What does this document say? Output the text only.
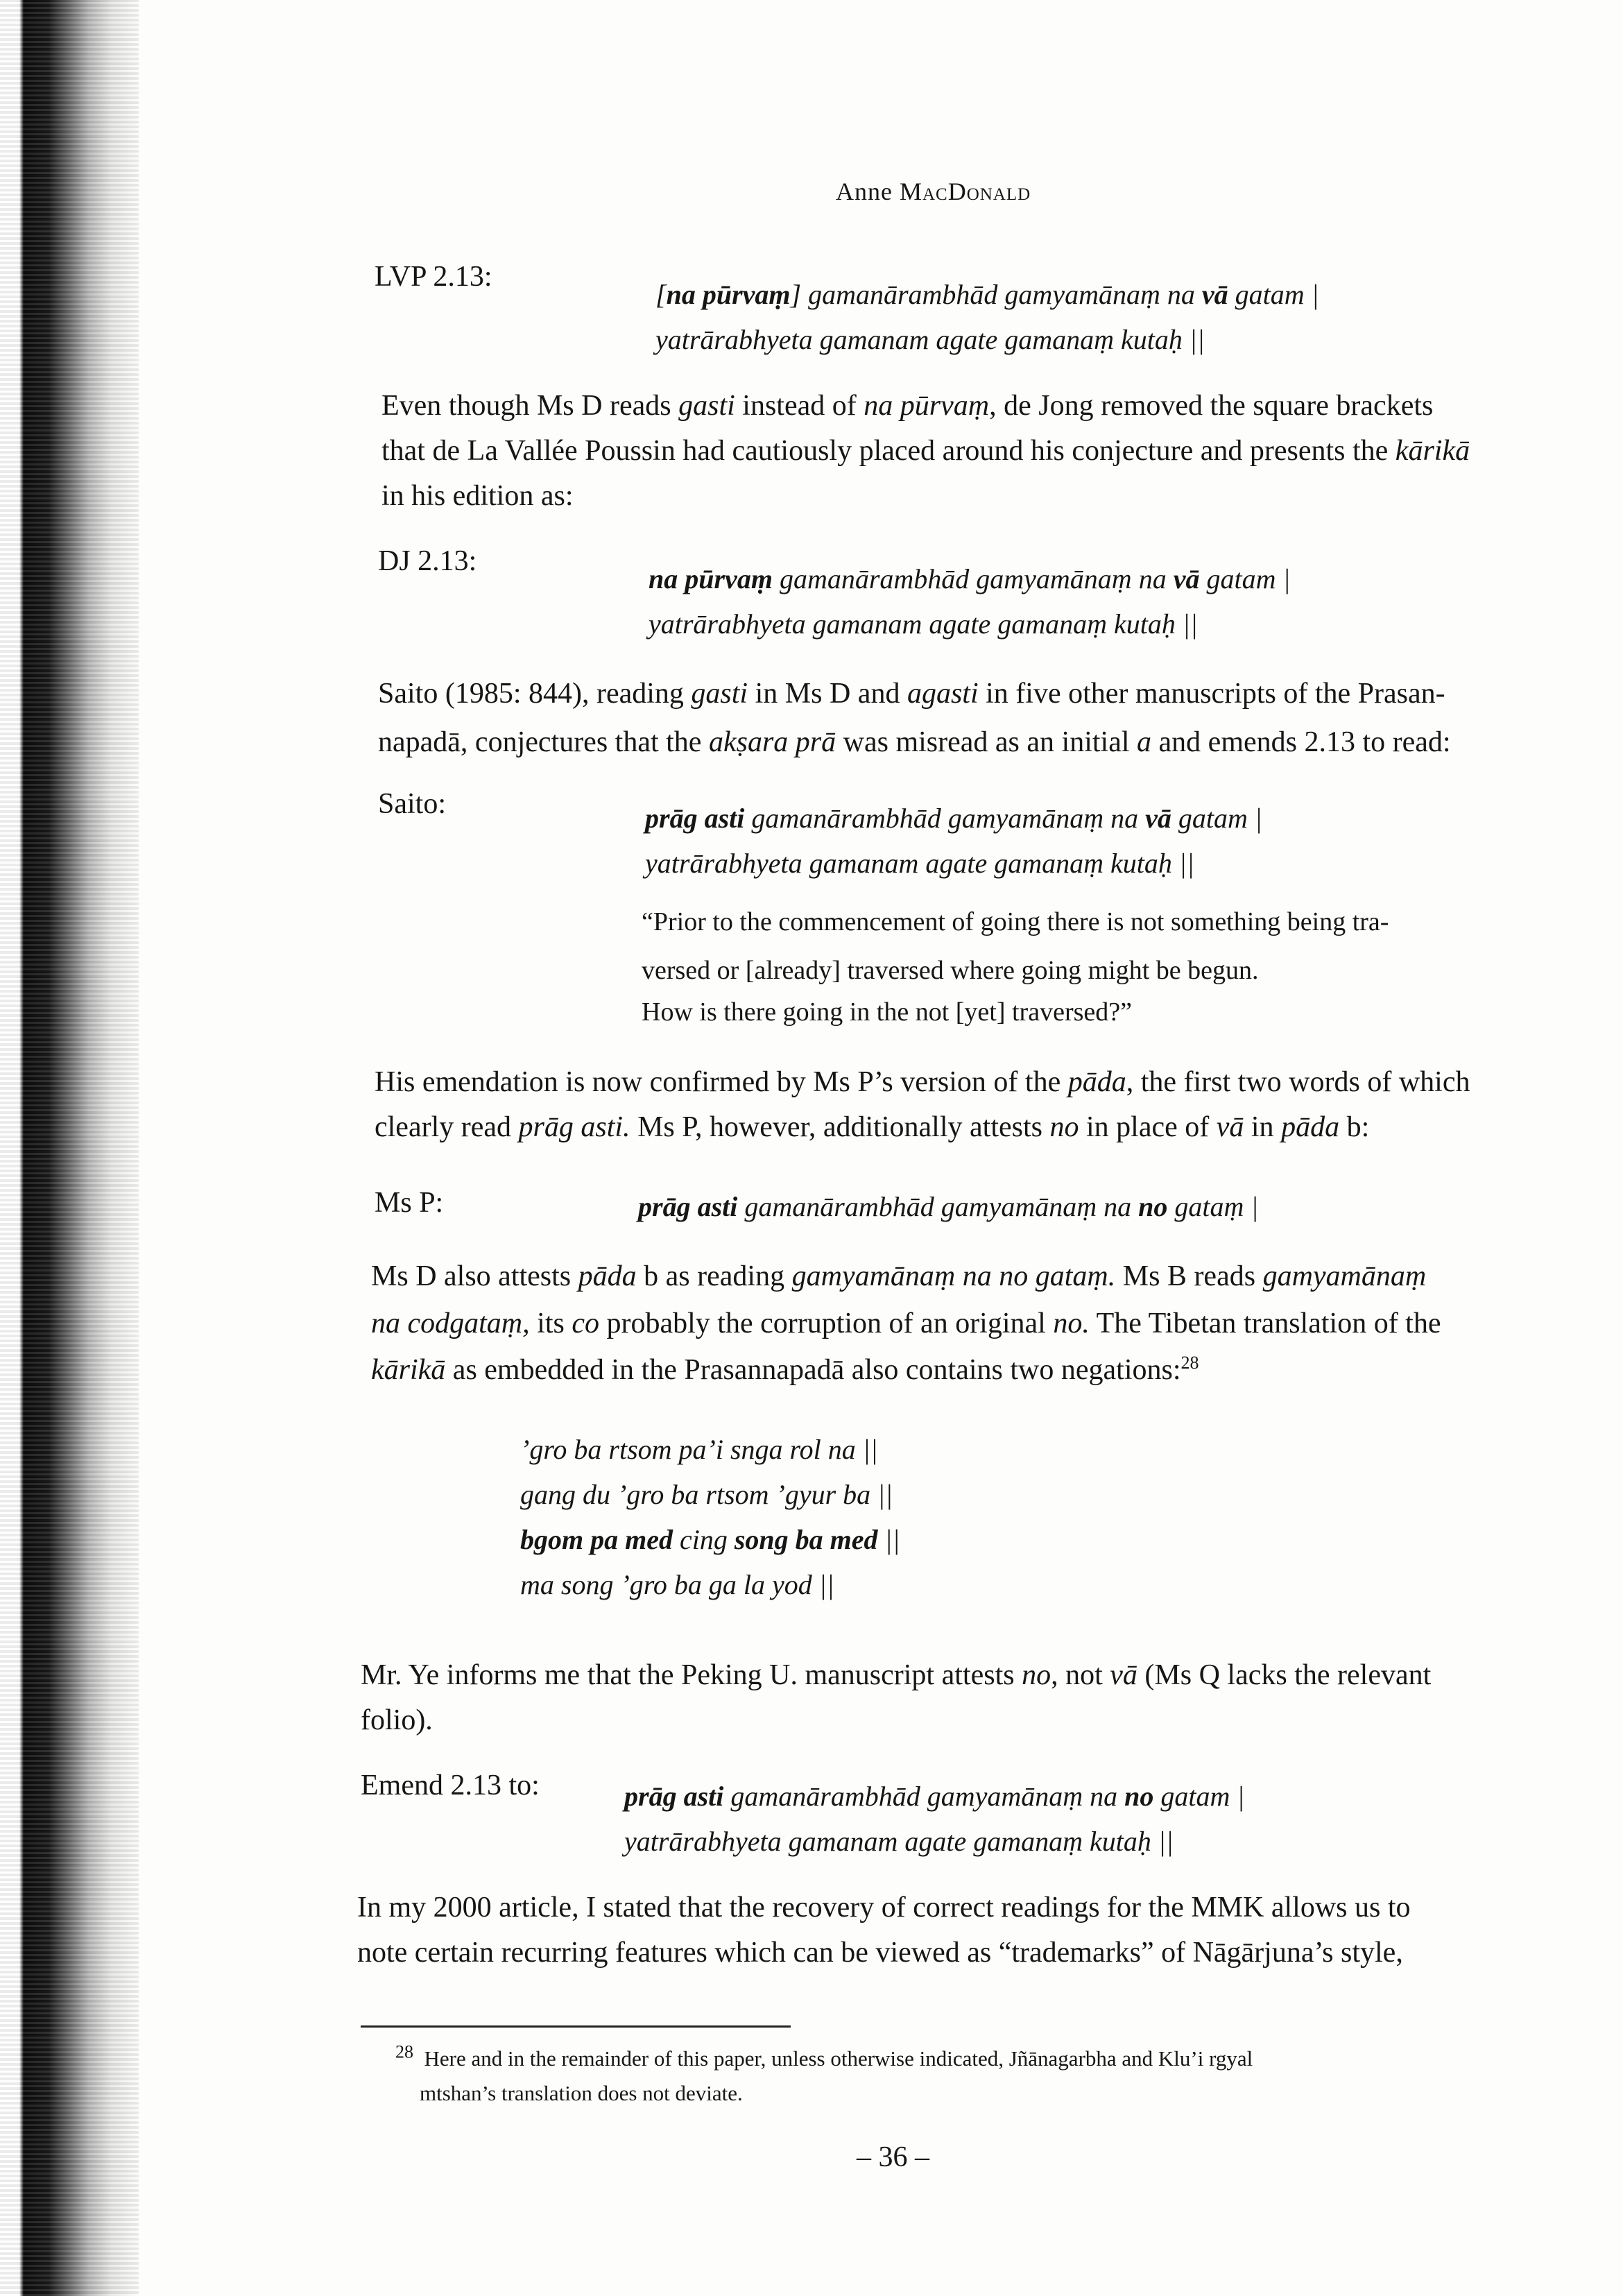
Anne MacDonald
LVP 2.13:
[na pūrvaṃ] gamanārambhād gamyamānaṃ na vā gatam |
yatrārabhyeta gamanam agate gamanaṃ kutaḥ ||
Even though Ms D reads gasti instead of na pūrvaṃ, de Jong removed the square brackets
that de La Vallée Poussin had cautiously placed around his conjecture and presents the kārikā
in his edition as:
DJ 2.13:
na pūrvaṃ gamanārambhād gamyamānaṃ na vā gatam |
yatrārabhyeta gamanam agate gamanaṃ kutaḥ ||
Saito (1985: 844), reading gasti in Ms D and agasti in five other manuscripts of the Prasan-
napadā, conjectures that the akṣara prā was misread as an initial a and emends 2.13 to read:
Saito:	prāg asti gamanārambhād gamyamānaṃ na vā gatam |
yatrārabhyeta gamanam agate gamanaṃ kutaḥ ||
“Prior to the commencement of going there is not something being tra-
versed or [already] traversed where going might be begun.
How is there going in the not [yet] traversed?”
His emendation is now confirmed by Ms P’s version of the pāda, the first two words of which
clearly read prāg asti. Ms P, however, additionally attests no in place of vā in pāda b:
Ms P:	prāg asti gamanārambhād gamyamānaṃ na no gataṃ |
Ms D also attests pāda b as reading gamyamānaṃ na no gataṃ. Ms B reads gamyamānaṃ
na codgataṃ, its co probably the corruption of an original no. The Tibetan translation of the
kārikā as embedded in the Prasannapadā also contains two negations:$^{28}$
’gro ba rtsom pa’i snga rol na ||
gang du ’gro ba rtsom ’gyur ba ||
bgom pa med cing song ba med ||
ma song ’gro ba ga la yod ||
Mr. Ye informs me that the Peking U. manuscript attests no, not vā (Ms Q lacks the relevant
folio).
Emend 2.13 to:	prāg asti gamanārambhād gamyamānaṃ na no gatam |
yatrārabhyeta gamanam agate gamanaṃ kutaḥ ||
In my 2000 article, I stated that the recovery of correct readings for the MMK allows us to
note certain recurring features which can be viewed as “trademarks” of Nāgārjuna’s style,
$^{28}$ Here and in the remainder of this paper, unless otherwise indicated, Jñānagarbha and Klu’i rgyal
mtshan’s translation does not deviate.
– 36 –
